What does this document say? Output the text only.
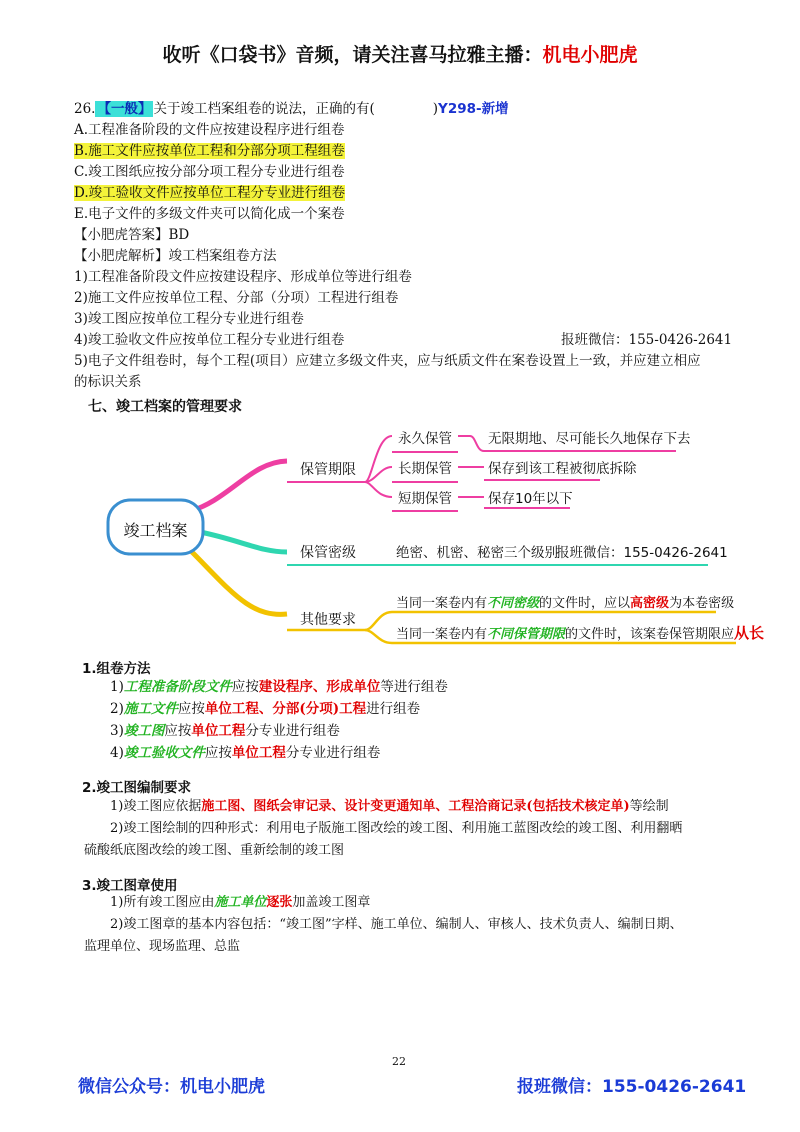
收听《口袋书》音频，请关注喜马拉雅主播：机电小肥虎
26. 【一般】 关于竣工档案组卷的说法，正确的有(	)Y298-新增
A.工程准备阶段的文件应按建设程序进行组卷
B.施工文件应按单位工程和分部分项工程组卷
C.竣工图纸应按分部分项工程分专业进行组卷
D.竣工验收文件应按单位工程分专业进行组卷
E.电子文件的多级文件夹可以简化成一个案卷
【小肥虎答案】BD
【小肥虎解析】竣工档案组卷方法
1)工程准备阶段文件应按建设程序、形成单位等进行组卷
2)施工文件应按单位工程、分部（分项）工程进行组卷
3)竣工图应按单位工程分专业进行组卷
4)竣工验收文件应按单位工程分专业进行组卷	报班微信：155-0426-2641
5)电子文件组卷时，每个工程(项目）应建立多级文件夹，应与纸质文件在案卷设置上一致，并应建立相应
的标识关系
七、竣工档案的管理要求
竣工档案
保管期限
永久保管
长期保管
短期保管
无限期地、尽可能长久地保存下去
保存到该工程被彻底拆除
保存10年以下
保管密级	绝密、机密、秘密三个级别
报班微信：155-0426-2641
其他要求
当同一案卷内有不同密级的文件时，应以高密级为本卷密级
当同一案卷内有不同保管期限的文件时，该案卷保管期限应从长
1.组卷方法
1)工程准备阶段文件应按建设程序、形成单位等进行组卷
2)施工文件应按单位工程、分部(分项)工程进行组卷
3)竣工图应按单位工程分专业进行组卷
4)竣工验收文件应按单位工程分专业进行组卷
2.竣工图编制要求
1)竣工图应依据施工图、图纸会审记录、设计变更通知单、工程洽商记录(包括技术核定单)等绘制
2)竣工图绘制的四种形式：利用电子版施工图改绘的竣工图、利用施工蓝图改绘的竣工图、利用翻晒
硫酸纸底图改绘的竣工图、重新绘制的竣工图
3.竣工图章使用
1)所有竣工图应由施工单位逐张加盖竣工图章
2)竣工图章的基本内容包括：“竣工图”字样、施工单位、编制人、审核人、技术负责人、编制日期、
监理单位、现场监理、总监
22
微信公众号：机电小肥虎	报班微信：155-0426-2641
